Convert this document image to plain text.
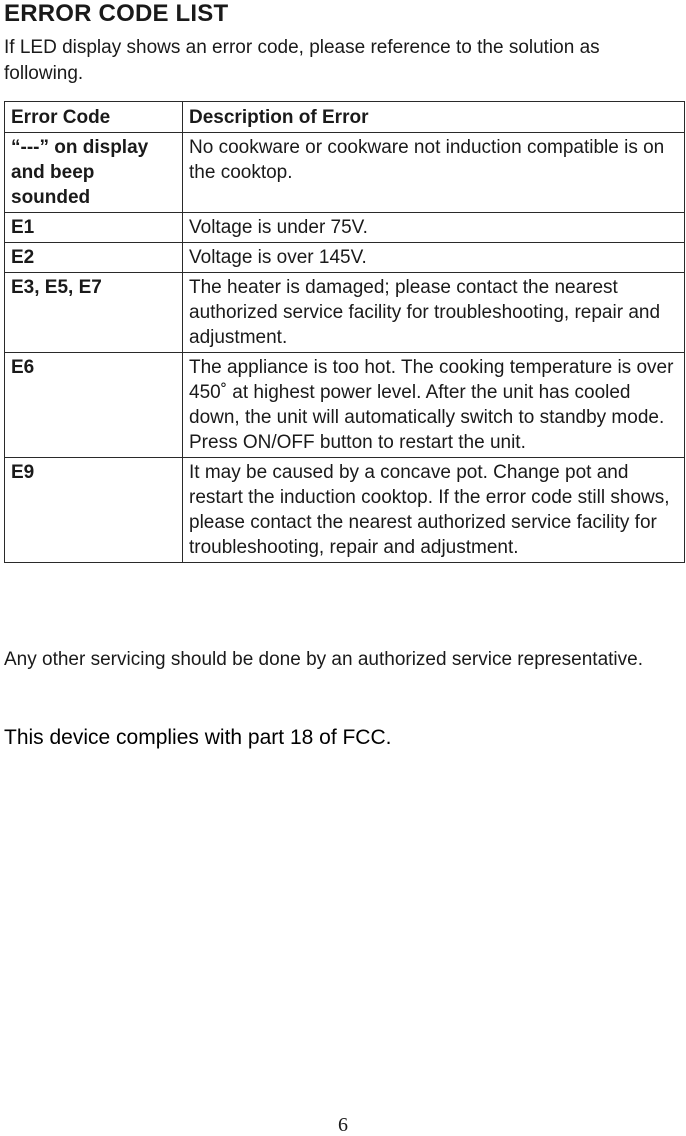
ERROR CODE LIST

If LED display shows an error code, please reference to the solution as following.

Error Code	Description of Error
“---” on display and beep sounded	No cookware or cookware not induction compatible is on the cooktop.
E1	Voltage is under 75V.
E2	Voltage is over 145V.
E3, E5, E7	The heater is damaged; please contact the nearest authorized service facility for troubleshooting, repair and adjustment.
E6	The appliance is too hot. The cooking temperature is over 450˚ at highest power level. After the unit has cooled down, the unit will automatically switch to standby mode. Press ON/OFF button to restart the unit.
E9	It may be caused by a concave pot. Change pot and restart the induction cooktop. If the error code still shows, please contact the nearest authorized service facility for troubleshooting, repair and adjustment.

Any other servicing should be done by an authorized service representative.

This device complies with part 18 of FCC.

6
